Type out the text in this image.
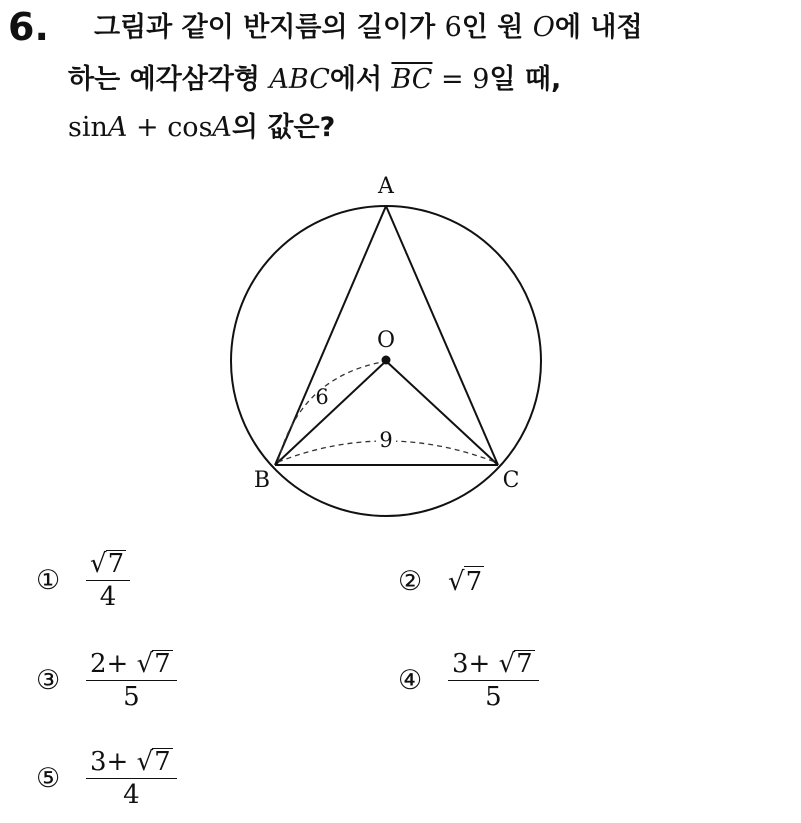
6. 그림과 같이 반지름의 길이가 6인 원 O에 내접
하는 예각삼각형 ABC에서 $\overline{BC} = 9$일 때,
sinA + cosA의 값은?
A
B	C
O
6
9
① $\frac{√7}{4}$	② √7
③ $\frac{2+ √7}{5}$	④ $\frac{3+ √7}{5}$
⑤ $\frac{3+ √7}{4}$
